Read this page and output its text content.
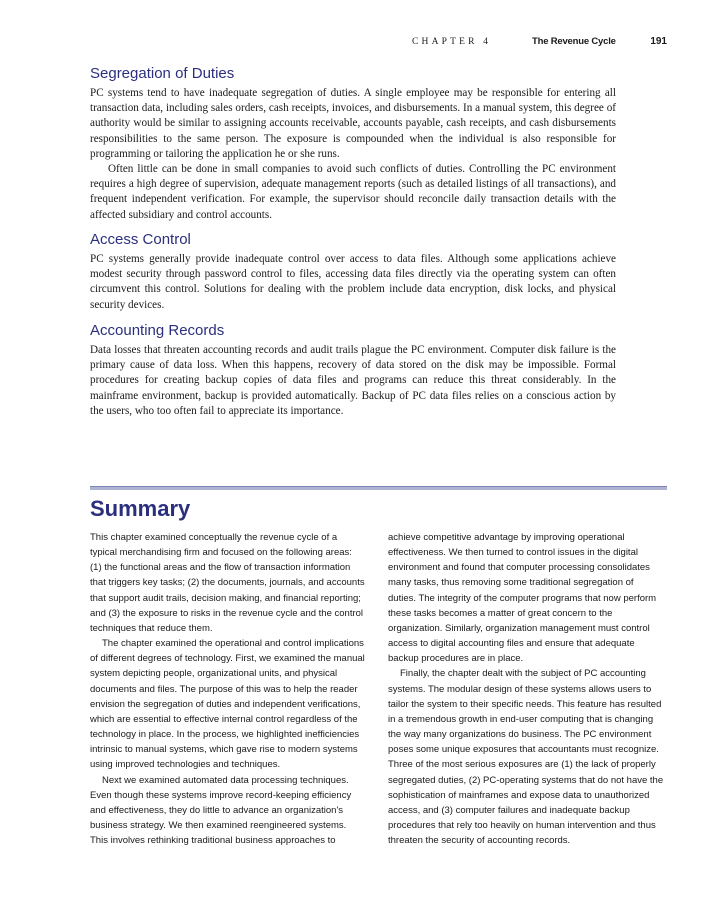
CHAPTER 4	The Revenue Cycle	191
Segregation of Duties

PC systems tend to have inadequate segregation of duties. A single employee may be responsible for entering all transaction data, including sales orders, cash receipts, invoices, and disbursements. In a manual system, this degree of authority would be similar to assigning accounts receivable, accounts payable, cash receipts, and cash disbursements responsibilities to the same person. The exposure is compounded when the individual is also responsible for programming or tailoring the application he or she runs.

Often little can be done in small companies to avoid such conflicts of duties. Controlling the PC environment requires a high degree of supervision, adequate management reports (such as detailed listings of all transactions), and frequent independent verification. For example, the supervisor should reconcile daily transaction details with the affected subsidiary and control accounts.

Access Control

PC systems generally provide inadequate control over access to data files. Although some applications achieve modest security through password control to files, accessing data files directly via the operating system can often circumvent this control. Solutions for dealing with the problem include data encryption, disk locks, and physical security devices.

Accounting Records

Data losses that threaten accounting records and audit trails plague the PC environment. Computer disk failure is the primary cause of data loss. When this happens, recovery of data stored on the disk may be impossible. Formal procedures for creating backup copies of data files and programs can reduce this threat considerably. In the mainframe environment, backup is provided automatically. Backup of PC data files relies on a conscious action by the users, who too often fail to appreciate its importance.

Summary

This chapter examined conceptually the revenue cycle of a typical merchandising firm and focused on the following areas: (1) the functional areas and the flow of transaction information that triggers key tasks; (2) the documents, journals, and accounts that support audit trails, decision making, and financial reporting; and (3) the exposure to risks in the revenue cycle and the control techniques that reduce them.

The chapter examined the operational and control implications of different degrees of technology. First, we examined the manual system depicting people, organizational units, and physical documents and files. The purpose of this was to help the reader envision the segregation of duties and independent verifications, which are essential to effective internal control regardless of the technology in place. In the process, we highlighted inefficiencies intrinsic to manual systems, which gave rise to modern systems using improved technologies and techniques.

Next we examined automated data processing techniques. Even though these systems improve record-keeping efficiency and effectiveness, they do little to advance an organization's business strategy. We then examined reengineered systems. This involves rethinking traditional business approaches to

achieve competitive advantage by improving operational effectiveness. We then turned to control issues in the digital environment and found that computer processing consolidates many tasks, thus removing some traditional segregation of duties. The integrity of the computer programs that now perform these tasks becomes a matter of great concern to the organization. Similarly, organization management must control access to digital accounting files and ensure that adequate backup procedures are in place.

Finally, the chapter dealt with the subject of PC accounting systems. The modular design of these systems allows users to tailor the system to their specific needs. This feature has resulted in a tremendous growth in end-user computing that is changing the way many organizations do business. The PC environment poses some unique exposures that accountants must recognize. Three of the most serious exposures are (1) the lack of properly segregated duties, (2) PC-operating systems that do not have the sophistication of mainframes and expose data to unauthorized access, and (3) computer failures and inadequate backup procedures that rely too heavily on human intervention and thus threaten the security of accounting records.
